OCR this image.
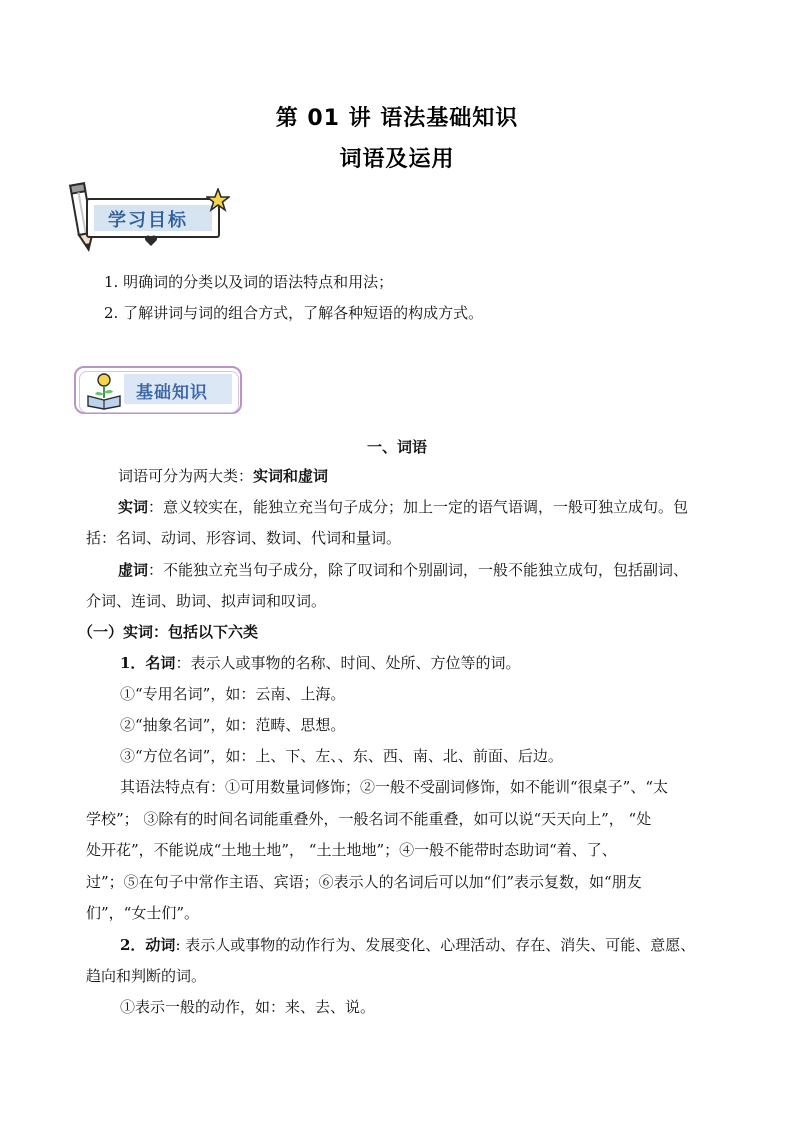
第 01 讲 语法基础知识
词语及运用
学习目标
1. 明确词的分类以及词的语法特点和用法；
2. 了解讲词与词的组合方式，了解各种短语的构成方式。
基础知识
一、词语
词语可分为两大类：实词和虚词
实词：意义较实在，能独立充当句子成分；加上一定的语气语调，一般可独立成句。包
括：名词、动词、形容词、数词、代词和量词。
虚词：不能独立充当句子成分，除了叹词和个别副词，一般不能独立成句，包括副词、
介词、连词、助词、拟声词和叹词。
（一）实词：包括以下六类
1．名词：表示人或事物的名称、时间、处所、方位等的词。
①“专用名词”，如：云南、上海。
②“抽象名词”，如：范畴、思想。
③“方位名词”，如：上、下、左、、东、西、南、北、前面、后边。
其语法特点有：①可用数量词修饰；②一般不受副词修饰，如不能训“很桌子”、“太
学校”； ③除有的时间名词能重叠外，一般名词不能重叠，如可以说“天天向上”， “处
处开花”，不能说成“土地土地”， “土土地地”；④一般不能带时态助词“着、了、
过”；⑤在句子中常作主语、宾语；⑥表示人的名词后可以加“们”表示复数，如“朋友
们”，“女士们”。
2．动词: 表示人或事物的动作行为、发展变化、心理活动、存在、消失、可能、意愿、
趋向和判断的词。
①表示一般的动作，如：来、去、说。
